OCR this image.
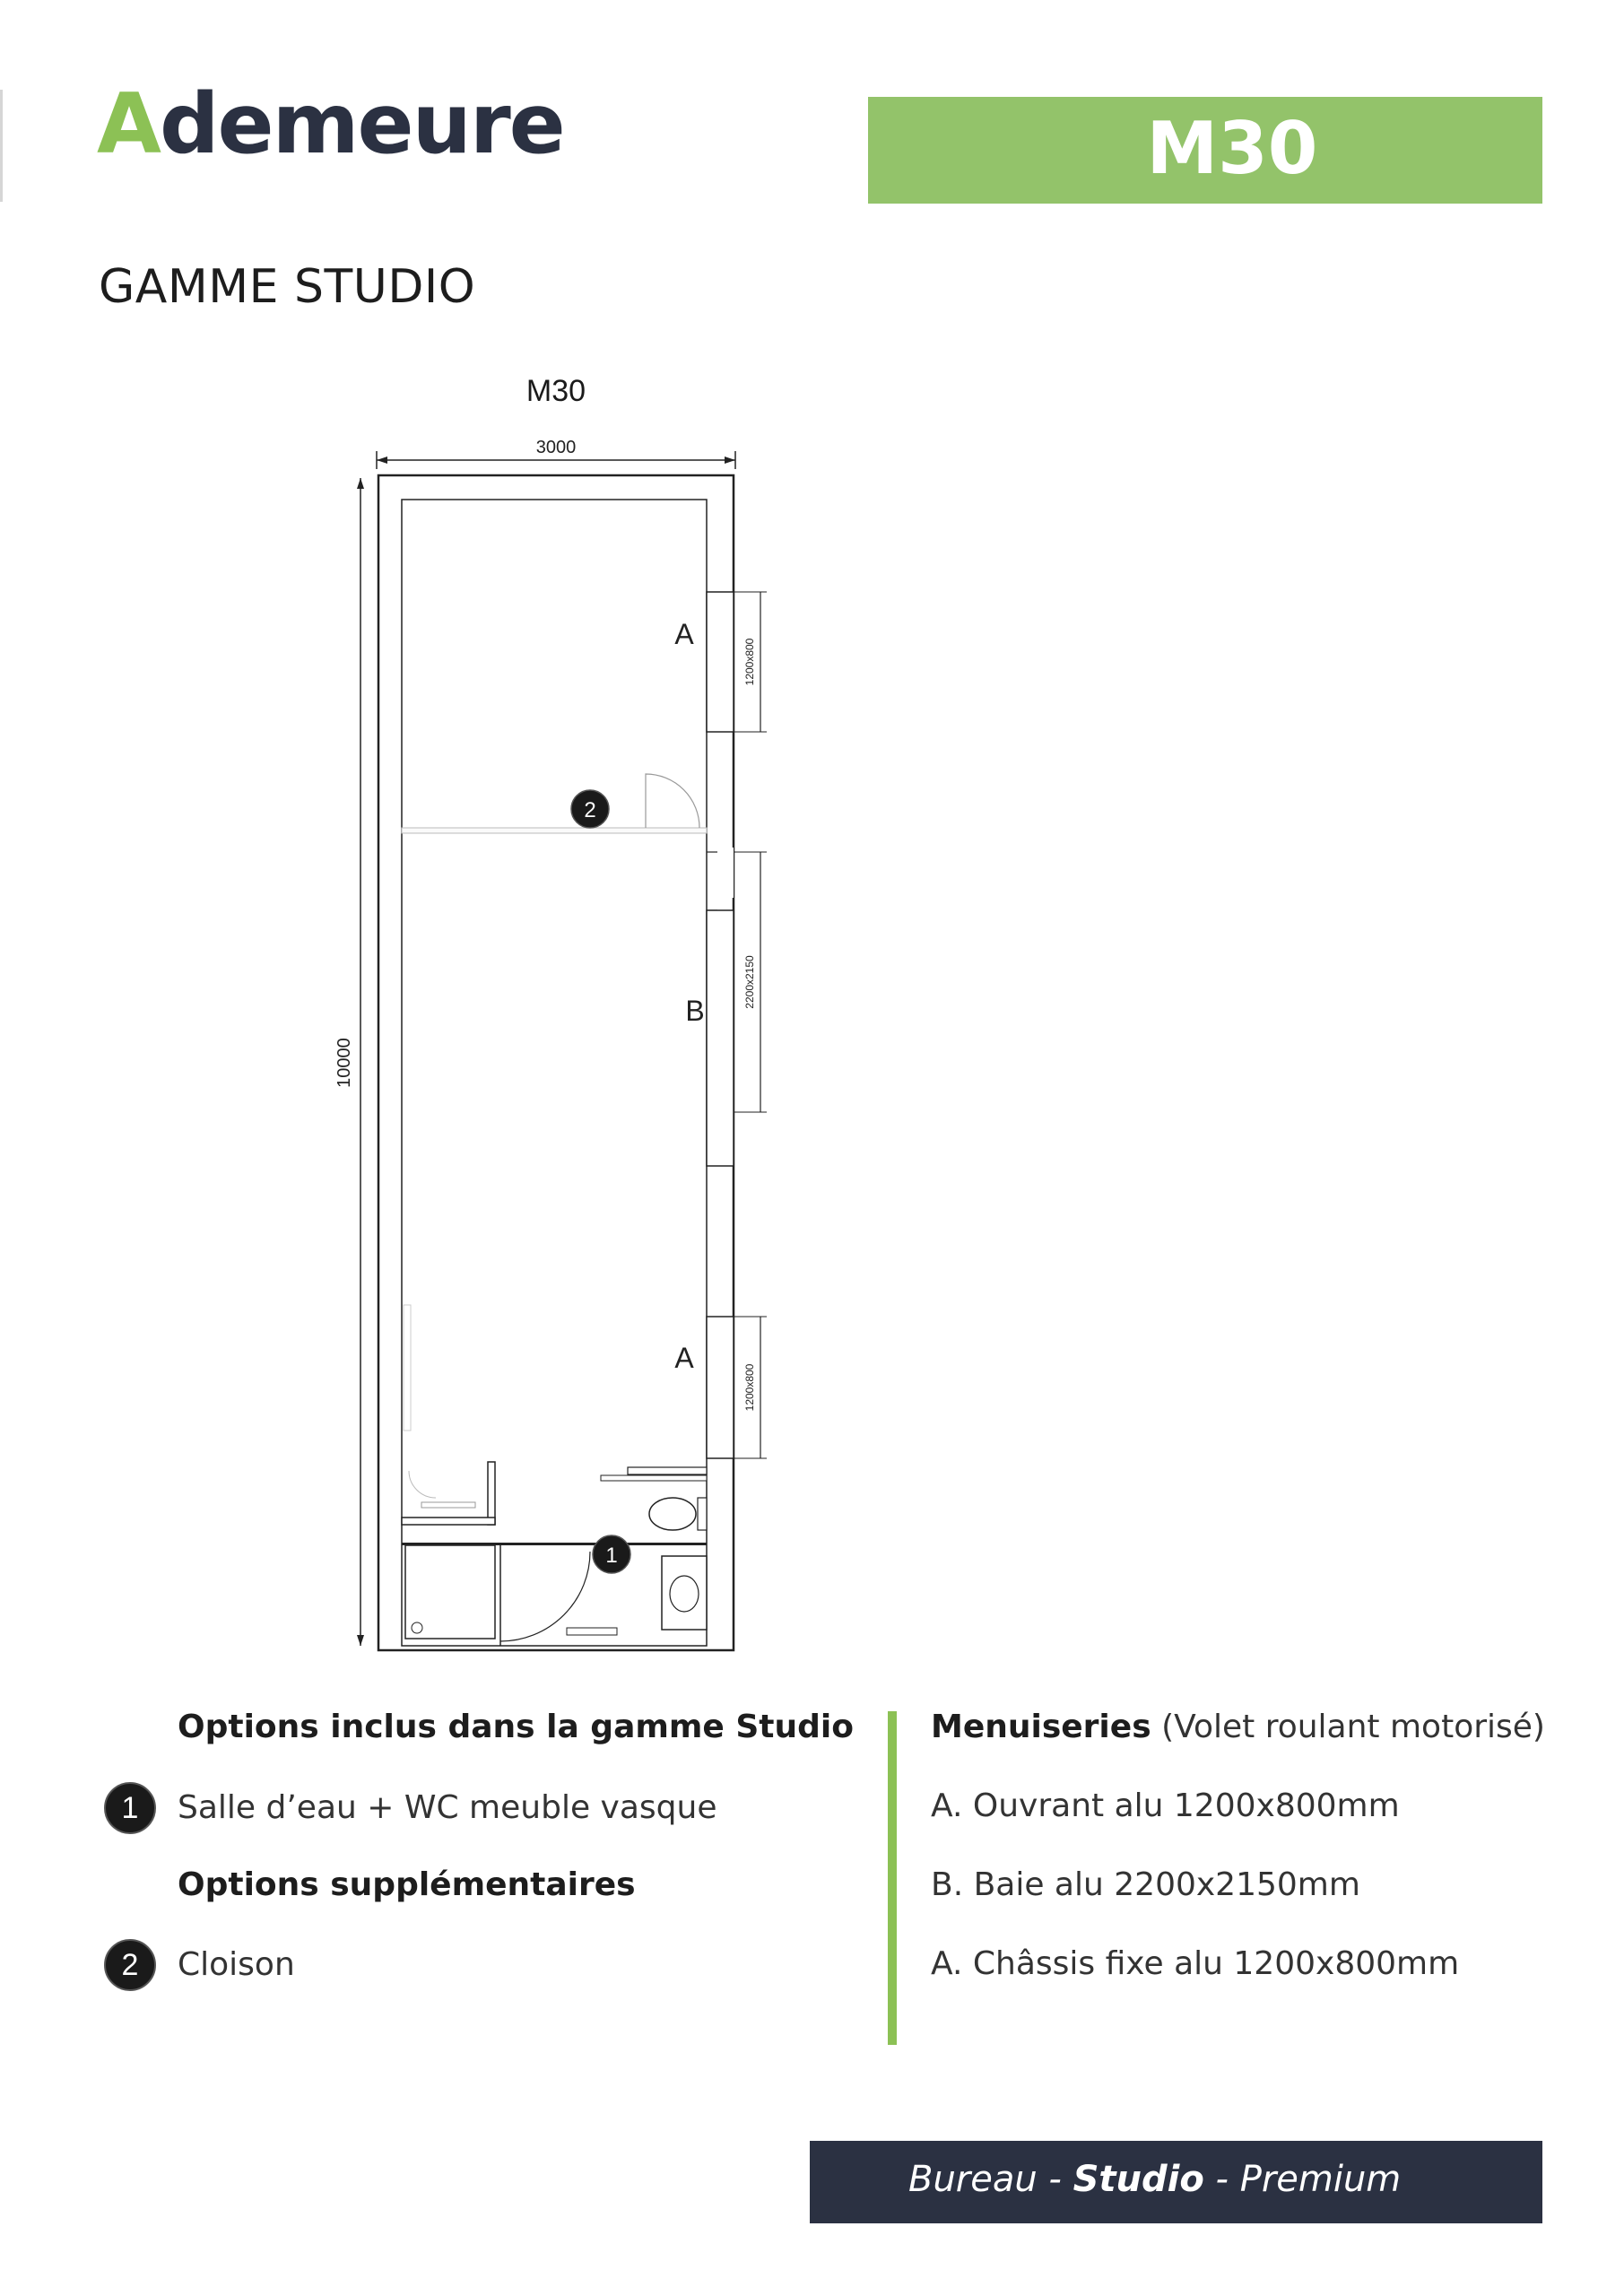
Ademeure	M30
GAMME STUDIO
M30
3000
10000
1200x800
A
2200x2150
B
1200x800
A
2
1
Options inclus dans la gamme Studio
1	Salle d’eau + WC meuble vasque
Options supplémentaires
2	Cloison
Menuiseries (Volet roulant motorisé)
A. Ouvrant alu 1200x800mm
B. Baie alu 2200x2150mm
A. Châssis fixe alu 1200x800mm
Bureau - Studio - Premium
